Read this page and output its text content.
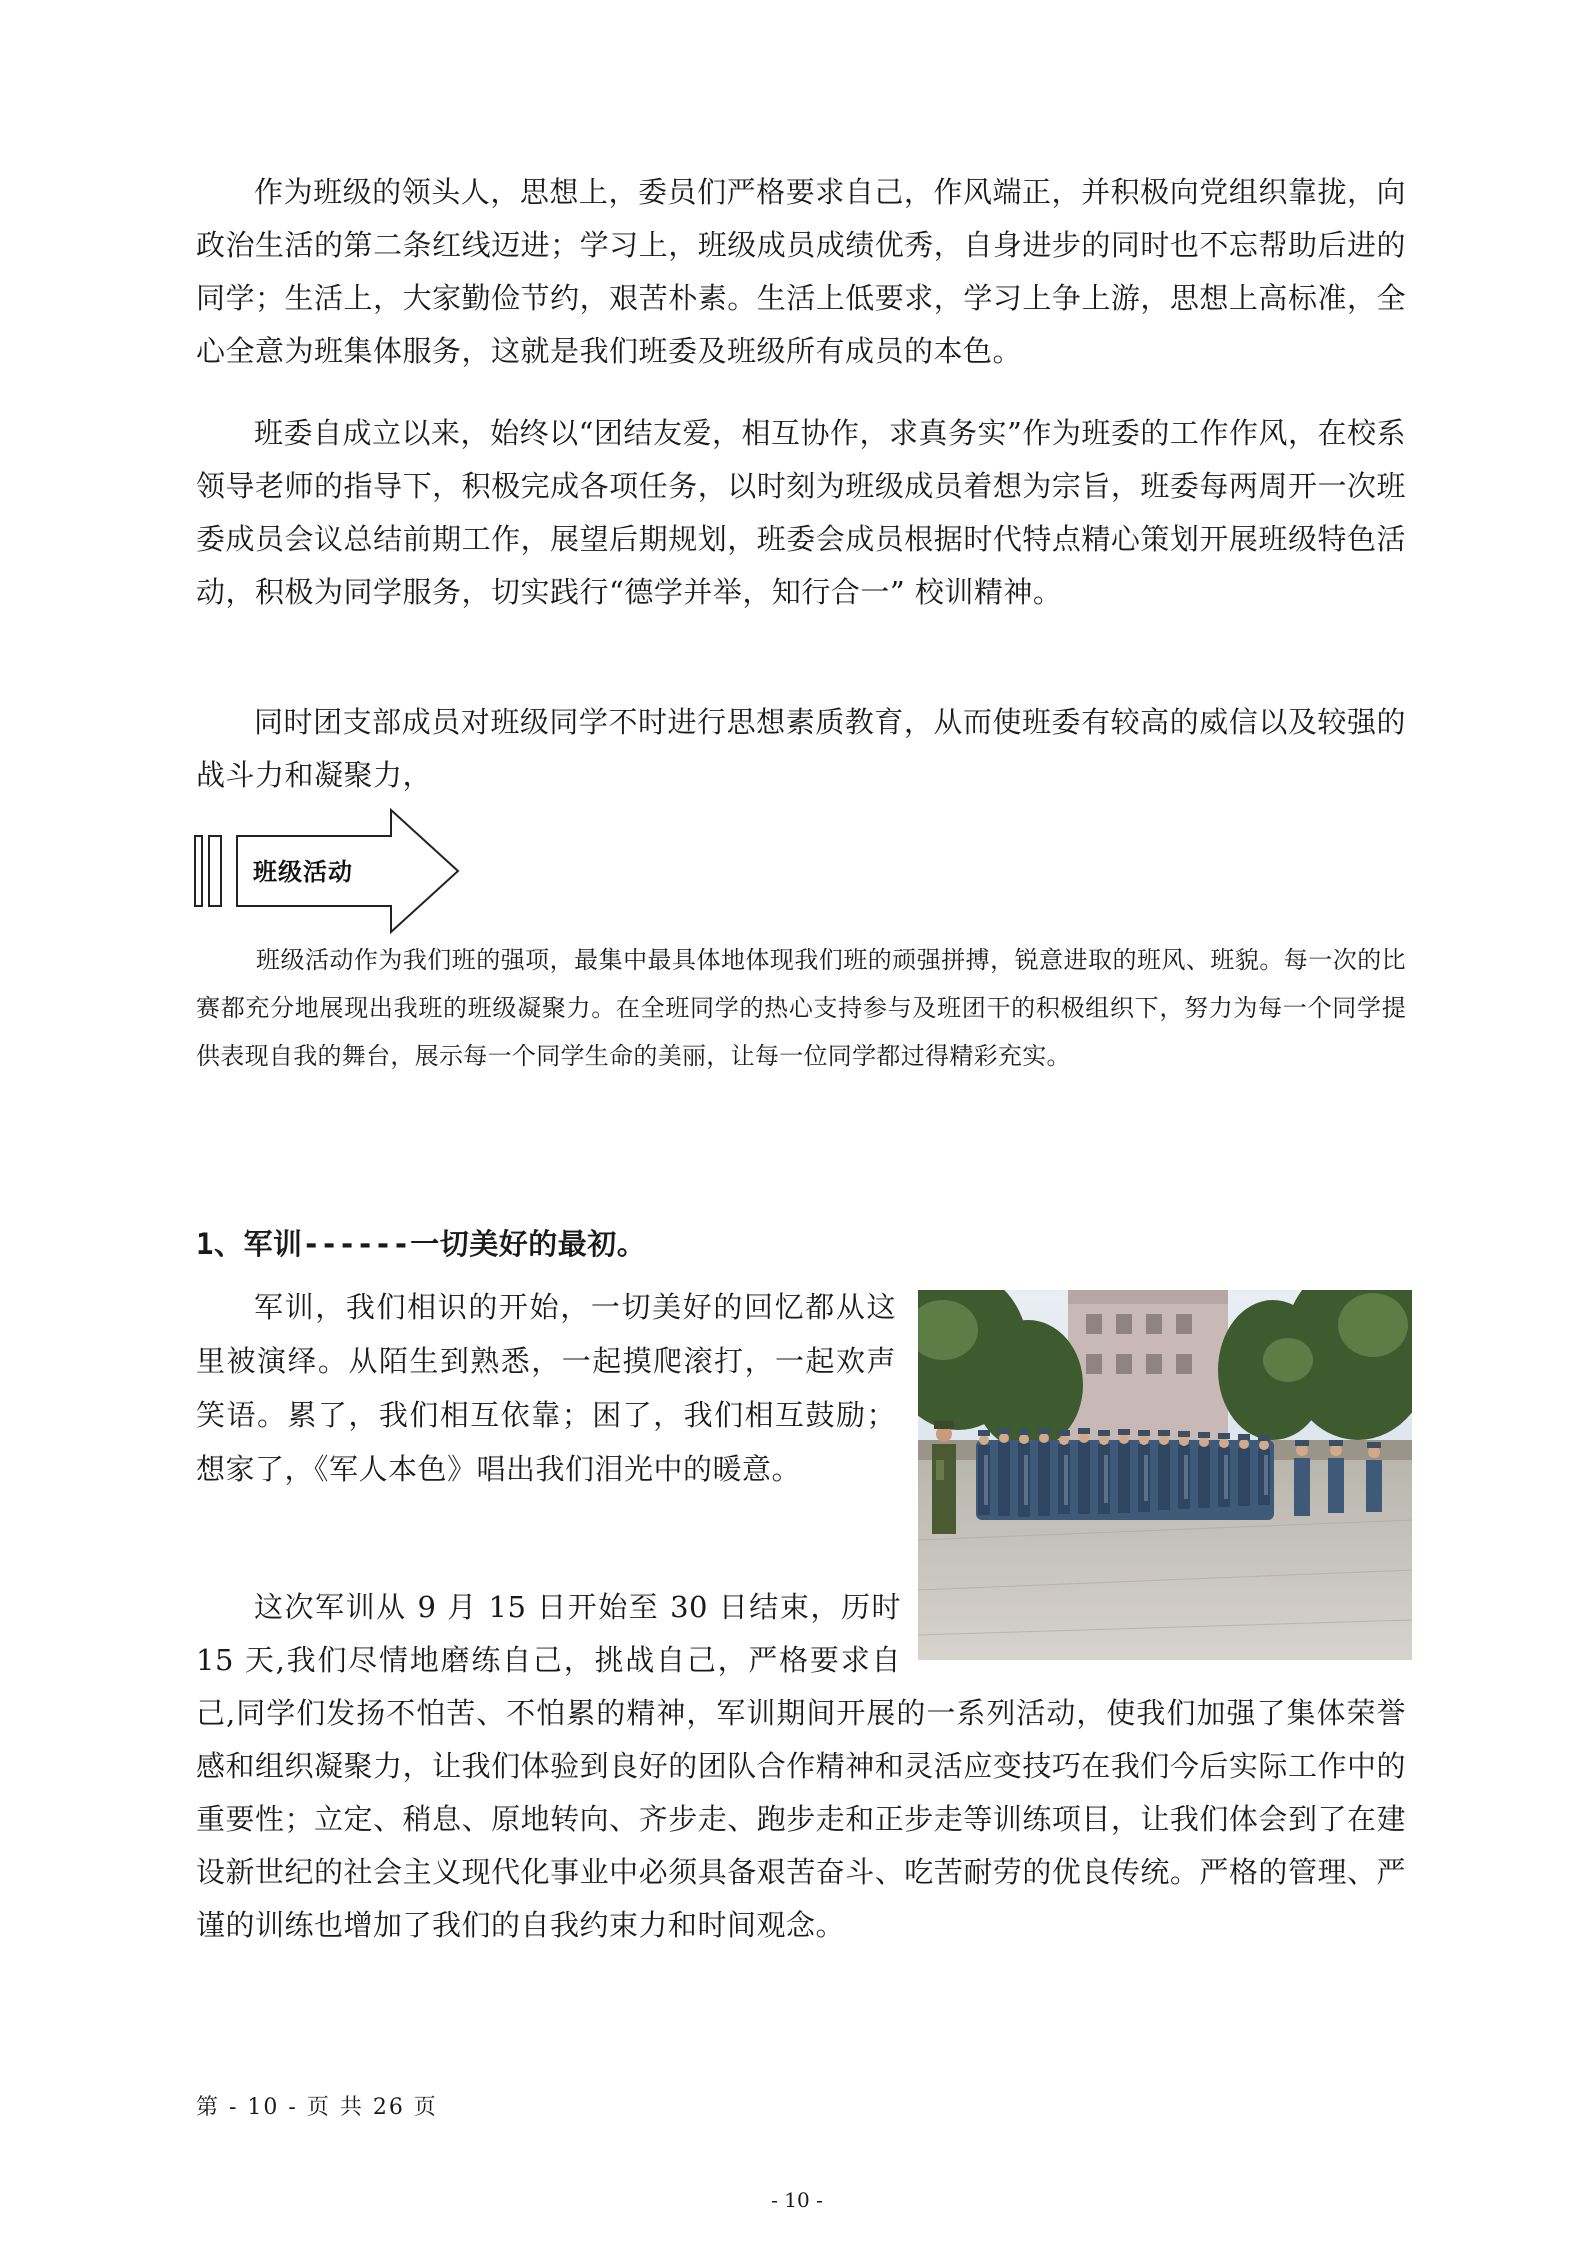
作为班级的领头人，思想上，委员们严格要求自己，作风端正，并积极向党组织靠拢，向政治生活的第二条红线迈进；学习上，班级成员成绩优秀，自身进步的同时也不忘帮助后进的同学；生活上，大家勤俭节约，艰苦朴素。生活上低要求，学习上争上游，思想上高标准，全心全意为班集体服务，这就是我们班委及班级所有成员的本色。

班委自成立以来，始终以“团结友爱，相互协作，求真务实”作为班委的工作作风，在校系领导老师的指导下，积极完成各项任务，以时刻为班级成员着想为宗旨，班委每两周开一次班委成员会议总结前期工作，展望后期规划，班委会成员根据时代特点精心策划开展班级特色活动，积极为同学服务，切实践行“德学并举，知行合一” 校训精神。

同时团支部成员对班级同学不时进行思想素质教育，从而使班委有较高的威信以及较强的战斗力和凝聚力，

班级活动

班级活动作为我们班的强项，最集中最具体地体现我们班的顽强拼搏，锐意进取的班风、班貌。每一次的比赛都充分地展现出我班的班级凝聚力。在全班同学的热心支持参与及班团干的积极组织下，努力为每一个同学提供表现自我的舞台，展示每一个同学生命的美丽，让每一位同学都过得精彩充实。

1、军训------一切美好的最初。

军训，我们相识的开始，一切美好的回忆都从这里被演绎。从陌生到熟悉，一起摸爬滚打，一起欢声笑语。累了，我们相互依靠；困了，我们相互鼓励；想家了，《军人本色》唱出我们泪光中的暖意。

这次军训从 9 月 15 日开始至 30 日结束，历时 15 天,我们尽情地磨练自己，挑战自己，严格要求自己,同学们发扬不怕苦、不怕累的精神，军训期间开展的一系列活动，使我们加强了集体荣誉感和组织凝聚力，让我们体验到良好的团队合作精神和灵活应变技巧在我们今后实际工作中的重要性；立定、稍息、原地转向、齐步走、跑步走和正步走等训练项目，让我们体会到了在建设新世纪的社会主义现代化事业中必须具备艰苦奋斗、吃苦耐劳的优良传统。严格的管理、严谨的训练也增加了我们的自我约束力和时间观念。

第 - 10 - 页 共 26 页

- 10 -
